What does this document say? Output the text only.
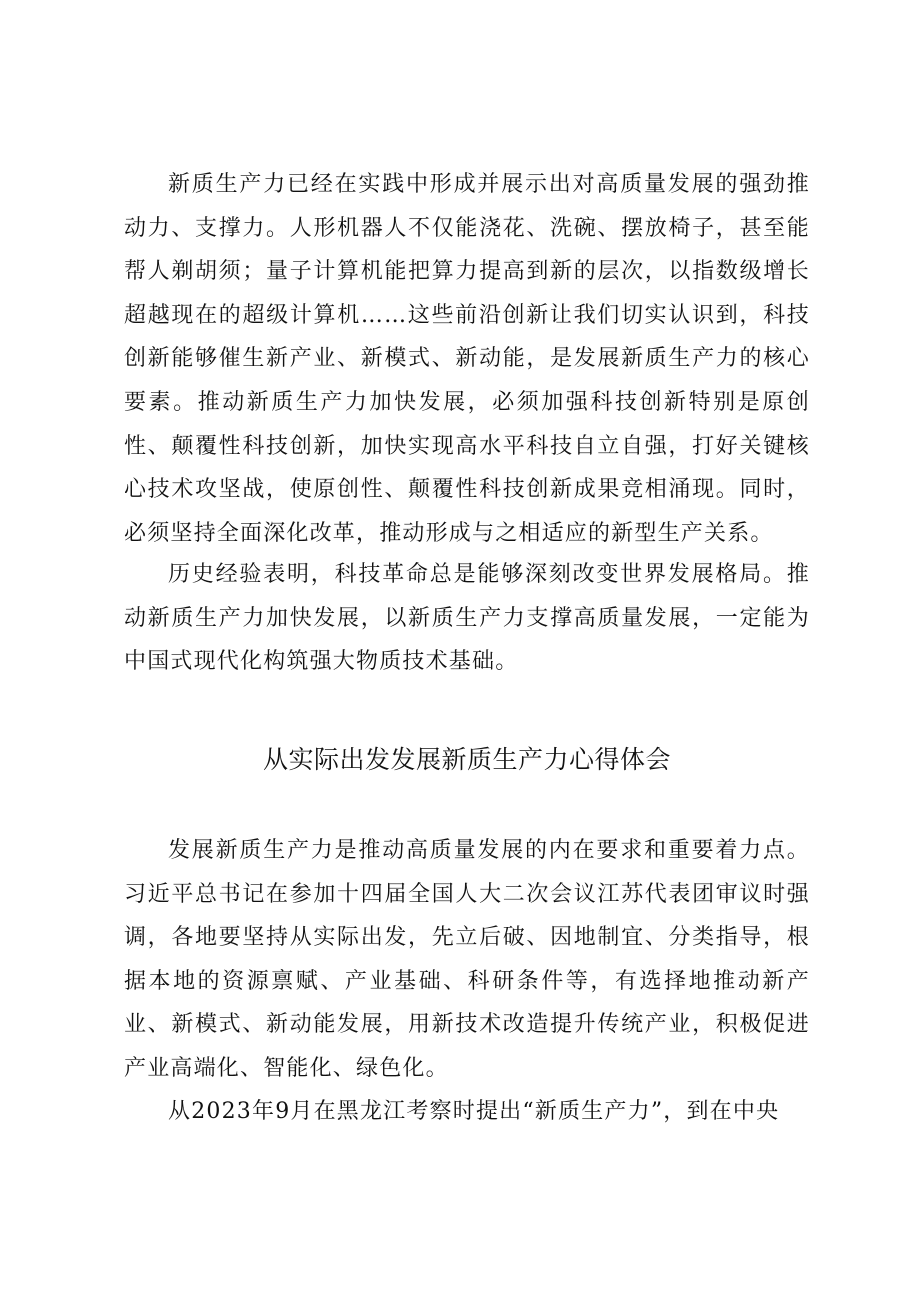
新质生产力已经在实践中形成并展示出对高质量发展的强劲推动力、支撑力。人形机器人不仅能浇花、洗碗、摆放椅子，甚至能帮人剃胡须；量子计算机能把算力提高到新的层次，以指数级增长超越现在的超级计算机……这些前沿创新让我们切实认识到，科技创新能够催生新产业、新模式、新动能，是发展新质生产力的核心要素。推动新质生产力加快发展，必须加强科技创新特别是原创性、颠覆性科技创新，加快实现高水平科技自立自强，打好关键核心技术攻坚战，使原创性、颠覆性科技创新成果竞相涌现。同时，必须坚持全面深化改革，推动形成与之相适应的新型生产关系。

历史经验表明，科技革命总是能够深刻改变世界发展格局。推动新质生产力加快发展，以新质生产力支撑高质量发展，一定能为中国式现代化构筑强大物质技术基础。

从实际出发发展新质生产力心得体会

发展新质生产力是推动高质量发展的内在要求和重要着力点。习近平总书记在参加十四届全国人大二次会议江苏代表团审议时强调，各地要坚持从实际出发，先立后破、因地制宜、分类指导，根据本地的资源禀赋、产业基础、科研条件等，有选择地推动新产业、新模式、新动能发展，用新技术改造提升传统产业，积极促进产业高端化、智能化、绿色化。

从2023年9月在黑龙江考察时提出“新质生产力”，到在中央
